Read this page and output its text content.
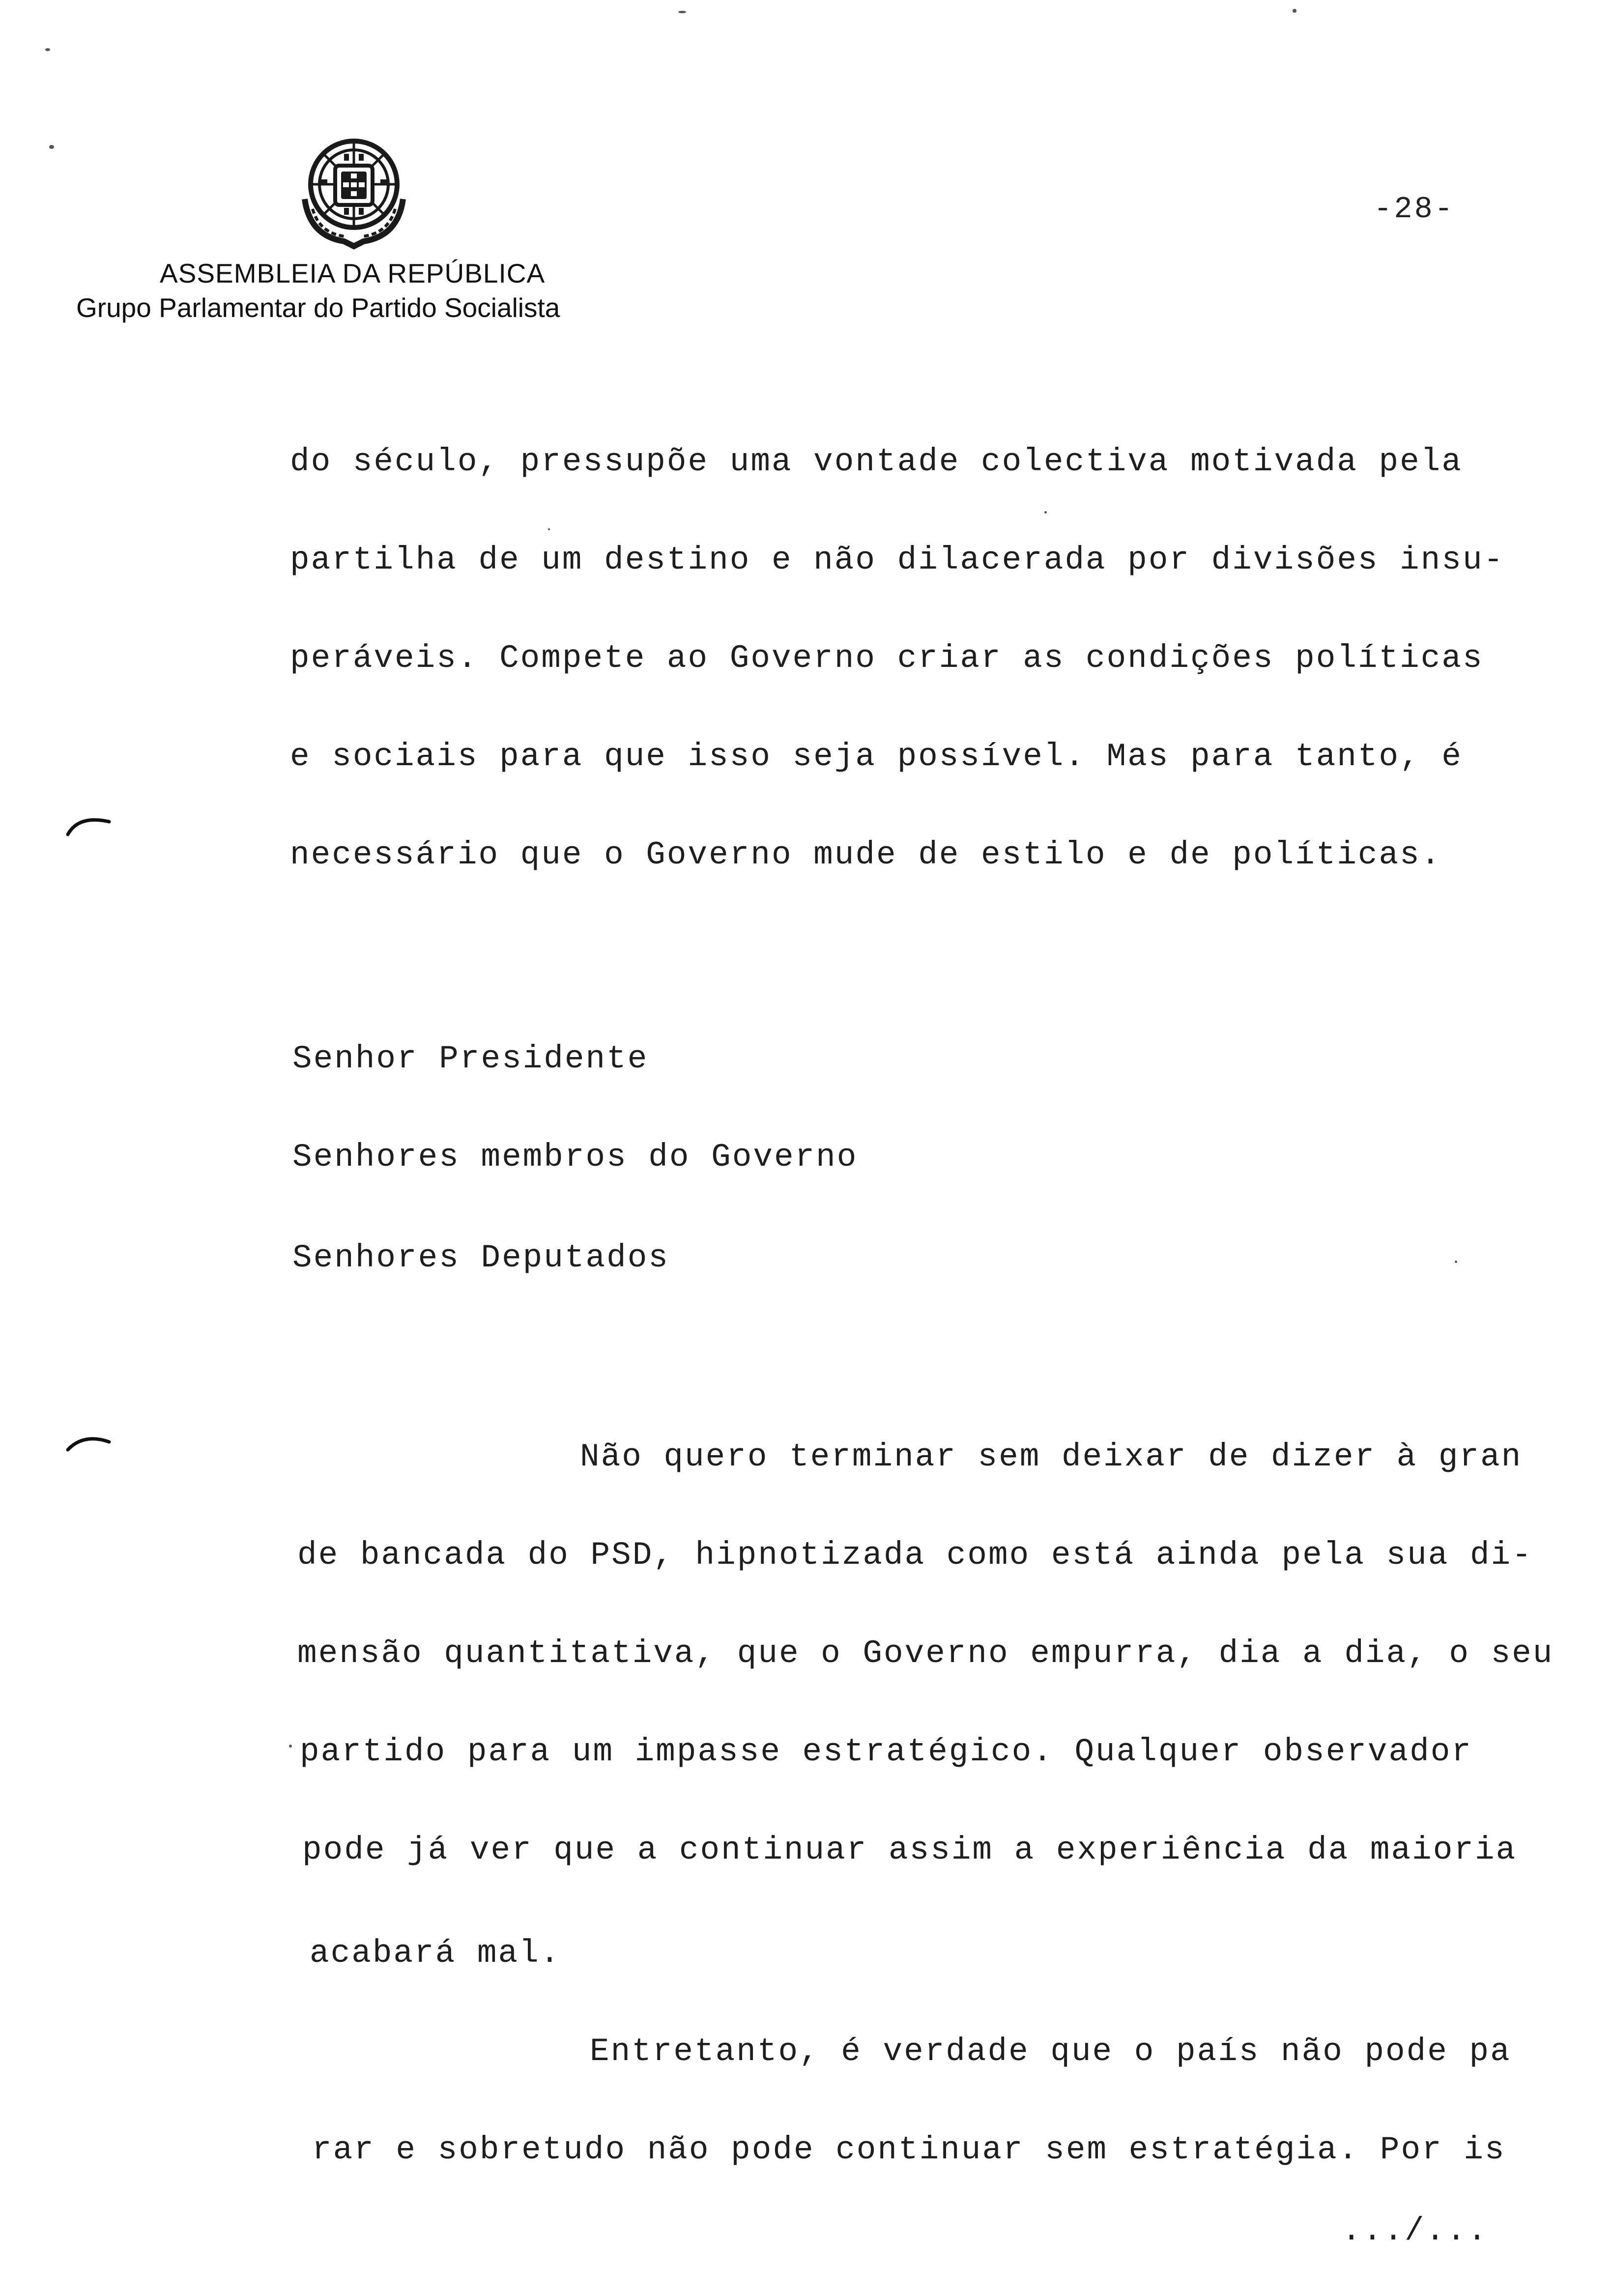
ASSEMBLEIA DA REPÚBLICA
Grupo Parlamentar do Partido Socialista
-28-
do século, pressupõe uma vontade colectiva motivada pela
partilha de um destino e não dilacerada por divisões insu-
peráveis. Compete ao Governo criar as condições políticas
e sociais para que isso seja possível. Mas para tanto, é
necessário que o Governo mude de estilo e de políticas.
Senhor Presidente
Senhores membros do Governo
Senhores Deputados
Não quero terminar sem deixar de dizer à gran
de bancada do PSD, hipnotizada como está ainda pela sua di-
mensão quantitativa, que o Governo empurra, dia a dia, o seu
partido para um impasse estratégico. Qualquer observador
pode já ver que a continuar assim a experiência da maioria
acabará mal.
Entretanto, é verdade que o país não pode pa
rar e sobretudo não pode continuar sem estratégia. Por is
.../...
